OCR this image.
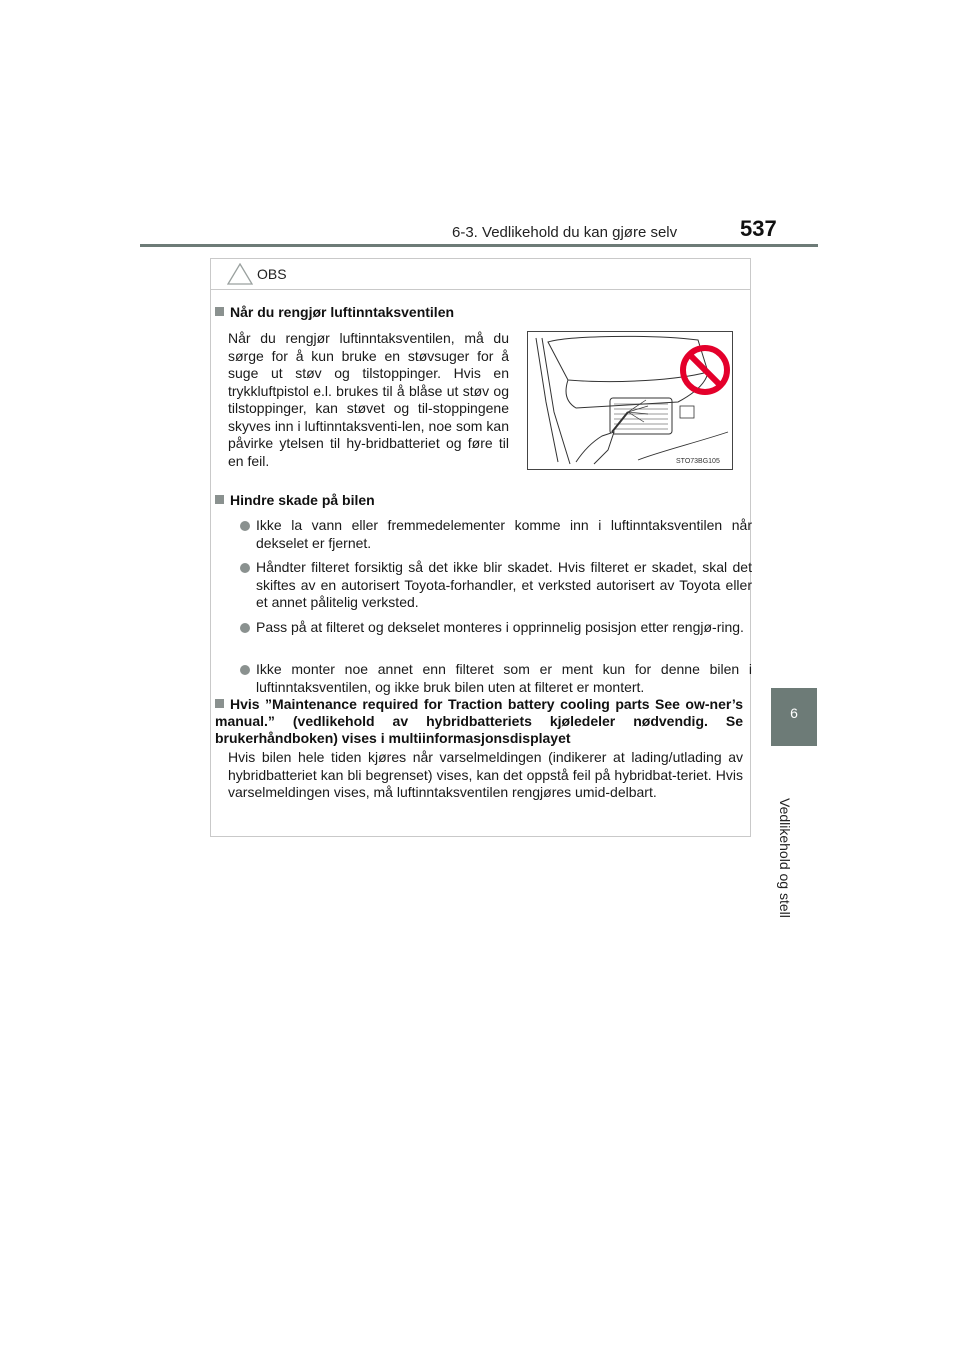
6-3. Vedlikehold du kan gjøre selv	537
6
Vedlikehold og stell
OBS
Når du rengjør luftinntaksventilen
Når du rengjør luftinntaksventilen, må du sørge for å kun bruke en støvsuger for å suge ut støv og tilstoppinger. Hvis en trykkluftpistol e.l. brukes til å blåse ut støv og tilstoppinger, kan støvet og til-stoppingene skyves inn i luftinntaksventi-len, noe som kan påvirke ytelsen til hy-bridbatteriet og føre til en feil.	STO73BG105
Hindre skade på bilen
Ikke la vann eller fremmedelementer komme inn i luftinntaksventilen når dekselet er fjernet.
Håndter filteret forsiktig så det ikke blir skadet. Hvis filteret er skadet, skal det skiftes av en autorisert Toyota-forhandler, et verksted autorisert av Toyota eller et annet pålitelig verksted.
Pass på at filteret og dekselet monteres i opprinnelig posisjon etter rengjø-ring.
Ikke monter noe annet enn filteret som er ment kun for denne bilen i luftinntaksventilen, og ikke bruk bilen uten at filteret er montert.
Hvis ”Maintenance required for Traction battery cooling parts See ow-ner’s manual.” (vedlikehold av hybridbatteriets kjøledeler nødvendig. Se brukerhåndboken) vises i multiinformasjonsdisplayet
Hvis bilen hele tiden kjøres når varselmeldingen (indikerer at lading/utlading av hybridbatteriet kan bli begrenset) vises, kan det oppstå feil på hybridbat-teriet. Hvis varselmeldingen vises, må luftinntaksventilen rengjøres umid-delbart.
